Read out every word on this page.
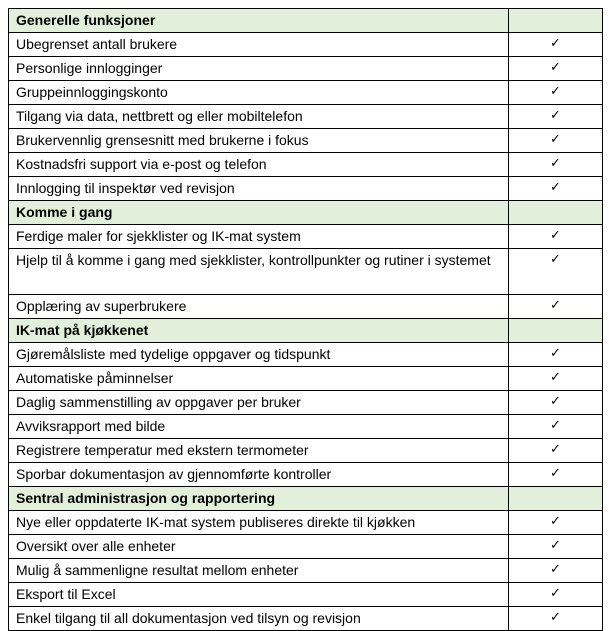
Generelle funksjoner	
Ubegrenset antall brukere	✓
Personlige innlogginger	✓
Gruppeinnloggingskonto	✓
Tilgang via data, nettbrett og eller mobiltelefon	✓
Brukervennlig grensesnitt med brukerne i fokus	✓
Kostnadsfri support via e-post og telefon	✓
Innlogging til inspektør ved revisjon	✓
Komme i gang	
Ferdige maler for sjekklister og IK-mat system	✓
Hjelp til å komme i gang med sjekklister, kontrollpunkter og rutiner i systemet	✓
Opplæring av superbrukere	✓
IK-mat på kjøkkenet	
Gjøremålsliste med tydelige oppgaver og tidspunkt	✓
Automatiske påminnelser	✓
Daglig sammenstilling av oppgaver per bruker	✓
Avviksrapport med bilde	✓
Registrere temperatur med ekstern termometer	✓
Sporbar dokumentasjon av gjennomførte kontroller	✓
Sentral administrasjon og rapportering	
Nye eller oppdaterte IK-mat system publiseres direkte til kjøkken	✓
Oversikt over alle enheter	✓
Mulig å sammenligne resultat mellom enheter	✓
Eksport til Excel	✓
Enkel tilgang til all dokumentasjon ved tilsyn og revisjon	✓
